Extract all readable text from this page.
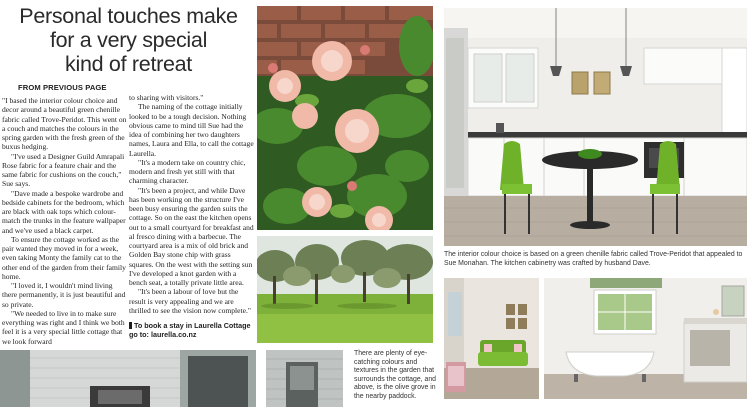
Personal touches make
for a very special
kind of retreat
FROM PREVIOUS PAGE

"I based the interior colour choice and decor around a beautiful green chenille fabric called Trove-Peridot. This went on a couch and matches the colours in the spring garden with the fresh green of the buxus hedging.

"I've used a Designer Guild Amrapali Rose fabric for a feature chair and the same fabric for cushions on the couch," Sue says.

"Dave made a bespoke wardrobe and bedside cabinets for the bedroom, which are black with oak tops which colour-match the trunks in the feature wallpaper and we've used a black carpet.

To ensure the cottage worked as the pair wanted they moved in for a week, even taking Monty the family cat to the other end of the garden from their family home.

"I loved it, I wouldn't mind living there permanently, it is just beautiful and so private.

"We needed to live in to make sure everything was right and I think we both feel it is a very special little cottage that we look forward

to sharing with visitors."

The naming of the cottage initially looked to be a tough decision. Nothing obvious came to mind till Sue had the idea of combining her two daughters names, Laura and Ella, to call the cottage Laurella.

"It's a modern take on country chic, modern and fresh yet still with that charming character.

"It's been a project, and while Dave has been working on the structure I've been busy ensuring the garden suits the cottage. So on the east the kitchen opens out to a small courtyard for breakfast and al fresco dining with a barbecue. The courtyard area is a mix of old brick and Golden Bay stone chip with grass squares. On the west with the setting sun I've developed a knot garden with a bench seat, a totally private little area.

"It's been a labour of love but the result is very appealing and we are thrilled to see the vision now complete."

To book a stay in Laurella Cottage go to: laurella.co.nz
The interior colour choice is based on a green chenille fabric called Trove-Peridot that appealed to Sue Monahan. The kitchen cabinetry was crafted by husband Dave.
There are plenty of eye-catching colours and textures in the garden that surrounds the cottage, and above, is the olive grove in the nearby paddock.
